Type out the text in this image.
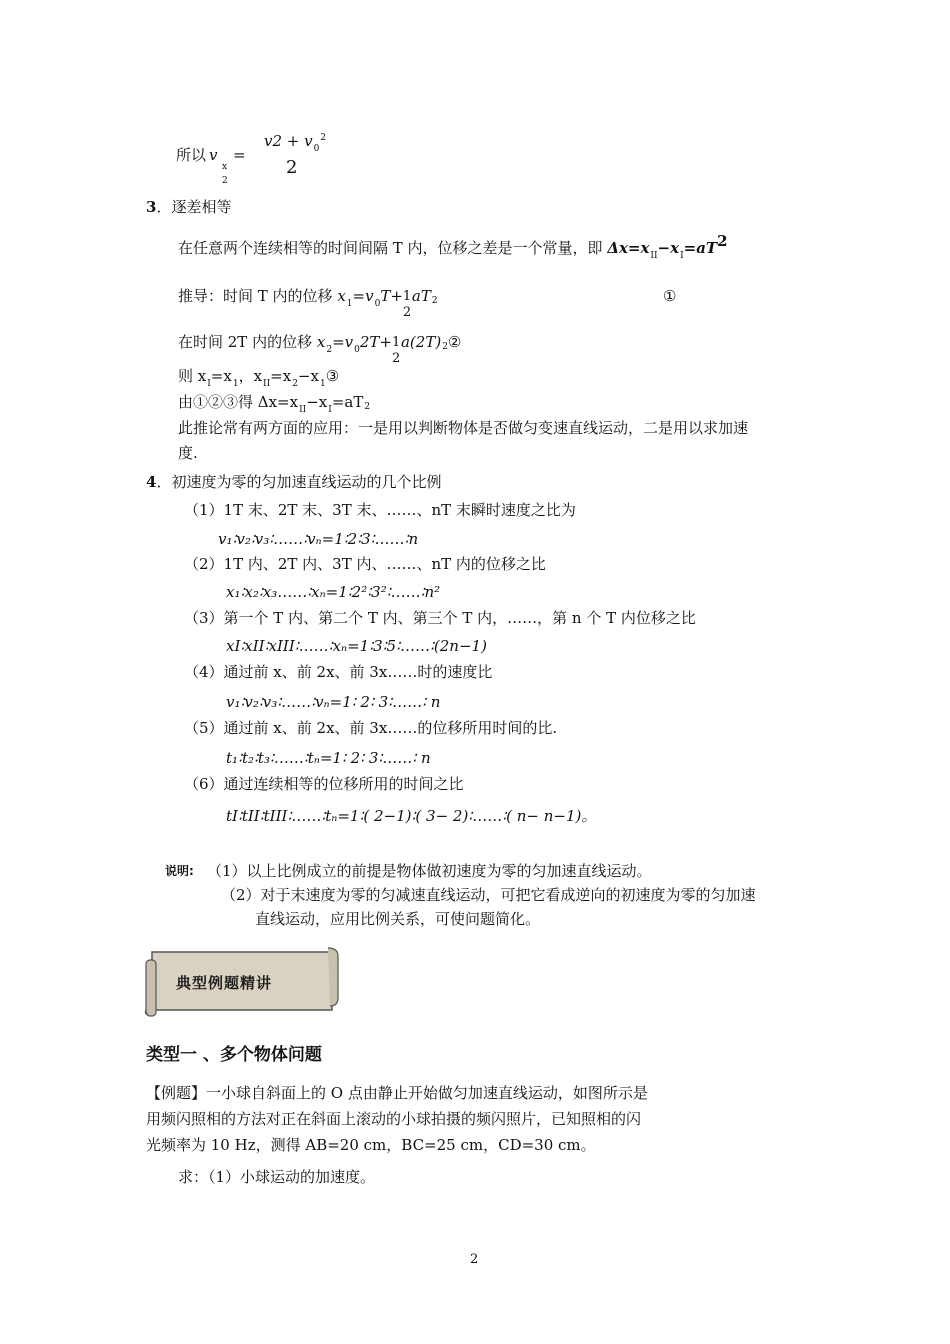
所以 v
x
2
=
$v2 + v_0^2$
2
3．逐差相等
在任意两个连续相等的时间间隔 T 内，位移之差是一个常量，即 $\Delta x=x_{II}-x_I=aT2$
推导：时间 T 内的位移 $x_1=v_0T+ 1$
2
aT2	①
在时间 2T 内的位移 $x_2=v_02T+ 1$
2
a(2T)2②
则 $x_I=x_1$，$x_{II}=x_2-x_1③$
由①②③得 $\Delta x=x_{II}-x_I=aT2$
此推论常有两方面的应用：一是用以判断物体是否做匀变速直线运动，二是用以求加速
度.
4．初速度为零的匀加速直线运动的几个比例
（1）1T 末、2T 末、3T 末、……、nT 末瞬时速度之比为
v₁∶v₂∶v₃∶……∶vₙ=1∶2∶3∶……∶n
（2）1T 内、2T 内、3T 内、……、nT 内的位移之比
x₁∶x₂∶x₃……∶xₙ=1∶2²∶3²∶……∶n²
（3）第一个 T 内、第二个 T 内、第三个 T 内，……，第 n 个 T 内位移之比
xI∶xII∶xIII∶……∶xₙ=1∶3∶5∶……∶(2n−1)
（4）通过前 x、前 2x、前 3x……时的速度比
v₁∶v₂∶v₃∶……∶vₙ=1∶ 2∶ 3∶……∶ n
（5）通过前 x、前 2x、前 3x……的位移所用时间的比.
t₁∶t₂∶t₃∶……∶tₙ=1∶ 2∶ 3∶……∶ n
（6）通过连续相等的位移所用的时间之比
tI∶tII∶tIII∶……∶tₙ=1∶( 2−1)∶( 3− 2)∶……∶( n− n−1)。
说明: （1）以上比例成立的前提是物体做初速度为零的匀加速直线运动。
（2）对于末速度为零的匀减速直线运动，可把它看成逆向的初速度为零的匀加速
直线运动，应用比例关系，可使问题简化。
典型例题精讲
类型一 、多个物体问题
【例题】一小球自斜面上的 O 点由静止开始做匀加速直线运动，如图所示是
用频闪照相的方法对正在斜面上滚动的小球拍摄的频闪照片，已知照相的闪
光频率为 10 Hz，测得 AB=20 cm，BC=25 cm，CD=30 cm。
求：（1）小球运动的加速度。
2
